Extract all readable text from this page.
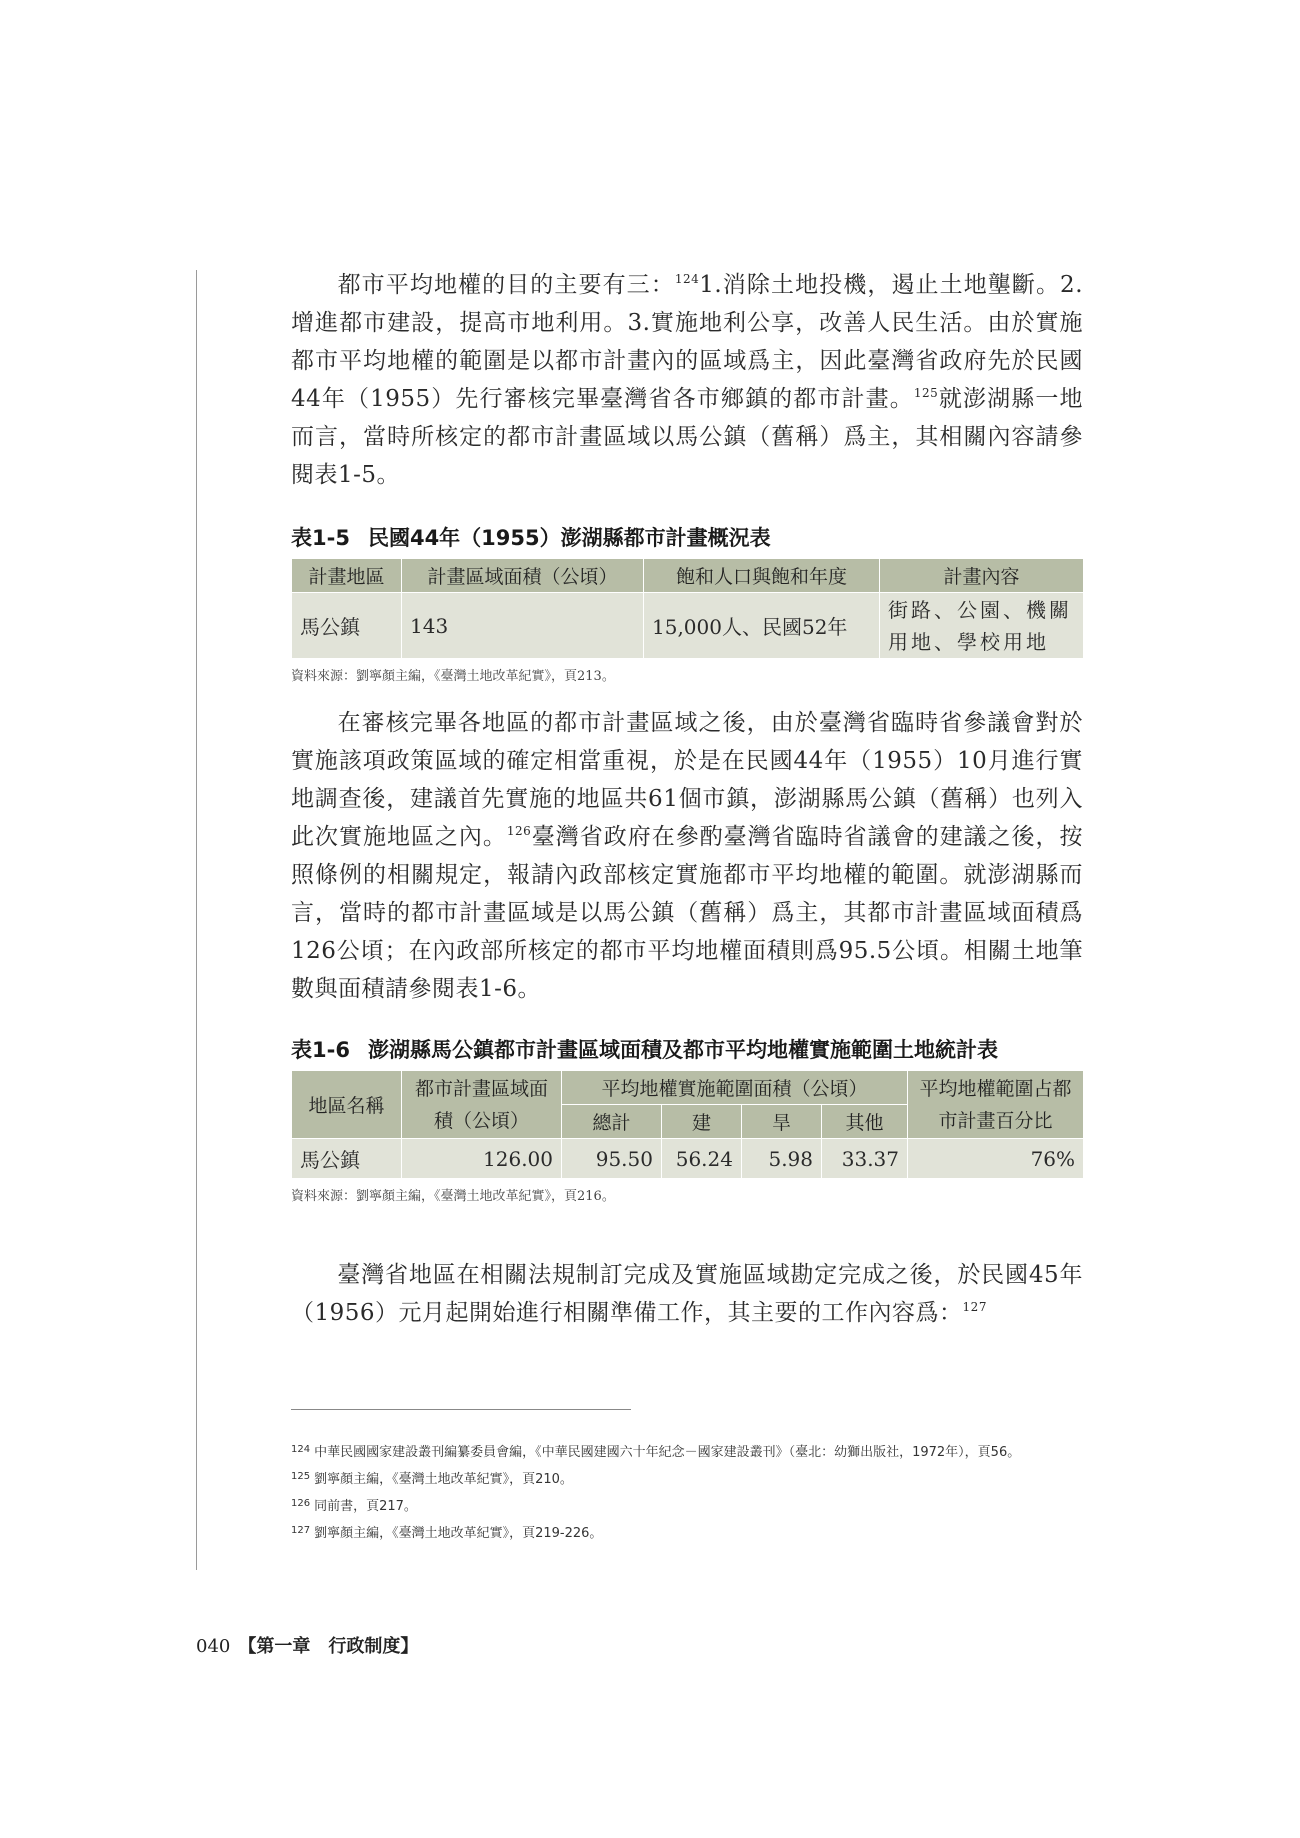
都市平均地權的目的主要有三：$^{124}$1.消除土地投機，遏止土地壟斷。2.增進都市建設，提高市地利用。3.實施地利公享，改善人民生活。由於實施都市平均地權的範圍是以都市計畫內的區域爲主，因此臺灣省政府先於民國44年（1955）先行審核完畢臺灣省各市鄉鎮的都市計畫。$^{125}$就澎湖縣一地而言，當時所核定的都市計畫區域以馬公鎮（舊稱）爲主，其相關內容請參閱表1-5。

表1-5 民國44年（1955）澎湖縣都市計畫概況表

計畫地區	計畫區域面積（公頃）	飽和人口與飽和年度	計畫內容
馬公鎮	143	15,000人、民國52年	街路、公園、機關用地、學校用地

資料來源：劉寧顏主編，《臺灣土地改革紀實》，頁213。

在審核完畢各地區的都市計畫區域之後，由於臺灣省臨時省參議會對於實施該項政策區域的確定相當重視，於是在民國44年（1955）10月進行實地調查後，建議首先實施的地區共61個市鎮，澎湖縣馬公鎮（舊稱）也列入此次實施地區之內。$^{126}$臺灣省政府在參酌臺灣省臨時省議會的建議之後，按照條例的相關規定，報請內政部核定實施都市平均地權的範圍。就澎湖縣而言，當時的都市計畫區域是以馬公鎮（舊稱）爲主，其都市計畫區域面積爲126公頃；在內政部所核定的都市平均地權面積則爲95.5公頃。相關土地筆數與面積請參閱表1-6。

表1-6 澎湖縣馬公鎮都市計畫區域面積及都市平均地權實施範圍土地統計表

地區名稱	都市計畫區域面積（公頃）	平均地權實施範圍面積（公頃）				平均地權範圍占都市計畫百分比
		總計	建	旱	其他	
馬公鎮	126.00	95.50	56.24	5.98	33.37	76%

資料來源：劉寧顏主編，《臺灣土地改革紀實》，頁216。

臺灣省地區在相關法規制訂完成及實施區域勘定完成之後，於民國45年（1956）元月起開始進行相關準備工作，其主要的工作內容爲：$^{127}$

$^{124}$ 中華民國國家建設叢刊編纂委員會編，《中華民國建國六十年紀念－國家建設叢刊》（臺北：幼獅出版社，1972年），頁56。

$^{125}$ 劉寧顏主編，《臺灣土地改革紀實》，頁210。

$^{126}$ 同前書，頁217。

$^{127}$ 劉寧顏主編，《臺灣土地改革紀實》，頁219-226。

040 【第一章　行政制度】
